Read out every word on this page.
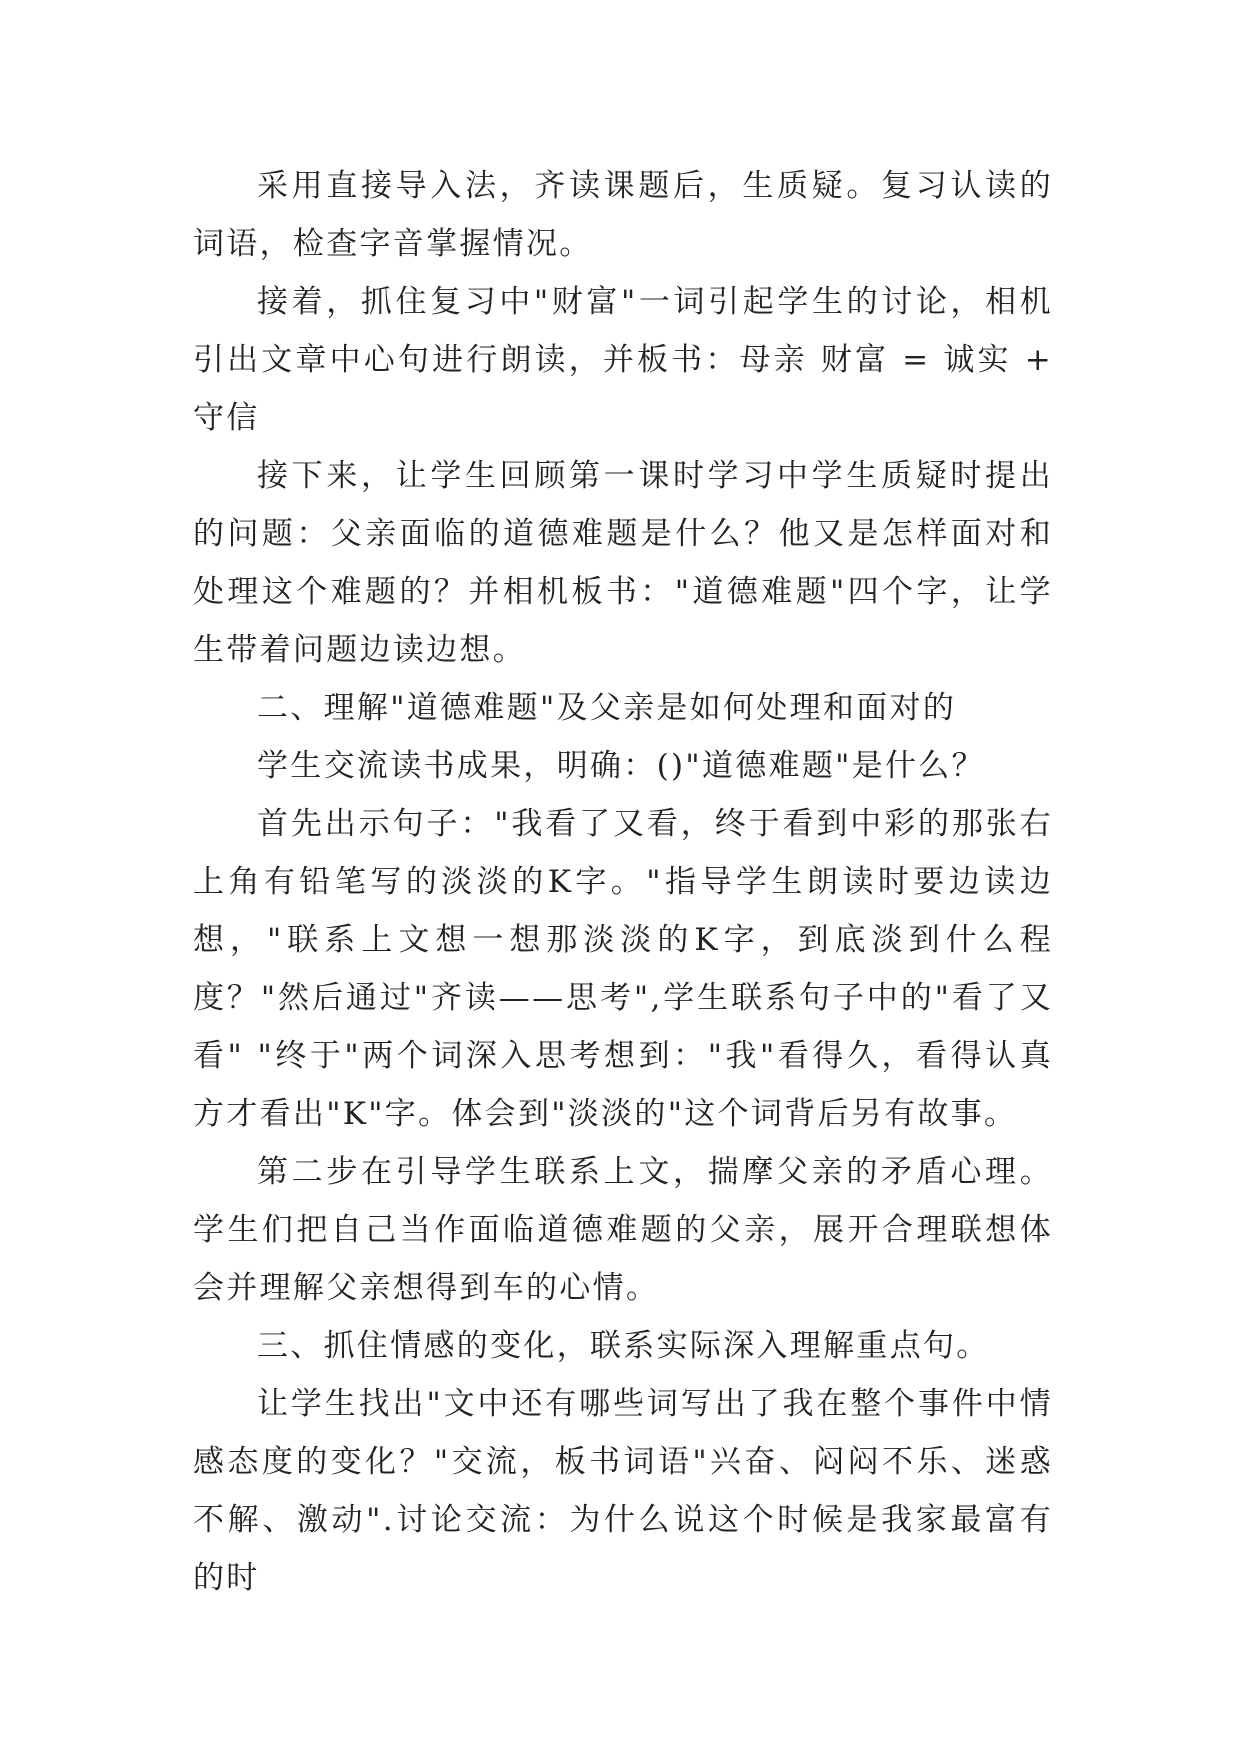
采用直接导入法，齐读课题后，生质疑。复习认读的词语，检查字音掌握情况。

接着，抓住复习中"财富"一词引起学生的讨论，相机引出文章中心句进行朗读，并板书：母亲 财富 = 诚实 + 守信

接下来，让学生回顾第一课时学习中学生质疑时提出的问题：父亲面临的道德难题是什么？他又是怎样面对和处理这个难题的？并相机板书："道德难题"四个字，让学生带着问题边读边想。

二、理解"道德难题"及父亲是如何处理和面对的

学生交流读书成果，明确：()"道德难题"是什么？

首先出示句子："我看了又看，终于看到中彩的那张右上角有铅笔写的淡淡的K字。"指导学生朗读时要边读边想，"联系上文想一想那淡淡的K字，到底淡到什么程度？"然后通过"齐读——思考",学生联系句子中的"看了又看" "终于"两个词深入思考想到："我"看得久，看得认真方才看出"K"字。体会到"淡淡的"这个词背后另有故事。

第二步在引导学生联系上文，揣摩父亲的矛盾心理。学生们把自己当作面临道德难题的父亲，展开合理联想体会并理解父亲想得到车的心情。

三、抓住情感的变化，联系实际深入理解重点句。

让学生找出"文中还有哪些词写出了我在整个事件中情感态度的变化？"交流，板书词语"兴奋、闷闷不乐、迷惑不解、激动".讨论交流：为什么说这个时候是我家最富有的时
